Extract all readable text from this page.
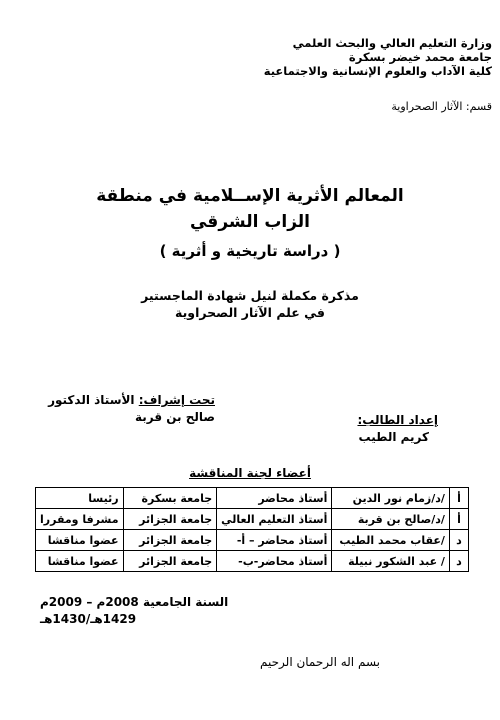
وزارة التعليم العالي والبحث العلمي
جامعة محمد خيضر بسكرة
كلية الآداب والعلوم الإنسانية والاجتماعية
قسم: الآثار الصحراوية
المعالم الأثرية الإســلامية في منطقة
الزاب الشرقي
( دراسة تاريخية و أثرية )
مذكرة مكملة لنيل شهادة الماجستير
في علم الآثار الصحراوية
إعداد الطالب:
كريم الطيب
تحت إشراف: الأستاذ الدكتور
صالح بن قربة
أعضاء لجنة المناقشة
أ	/د/زمام نور الدين	أستاذ محاضر	جامعة بسكرة	رئيسا
أ	/د/صالح بن قربة	أستاذ التعليم العالي	جامعة الجزائر	مشرفا ومقررا
د	/عقاب محمد الطيب	أستاذ محاضر – أ-	جامعة الجزائر	عضوا مناقشا
د	/ عبد الشكور نبيلة	أستاذ محاضر-ب-	جامعة الجزائر	عضوا مناقشا
السنة الجامعية 2008م – 2009م
1429هـ/1430هـ
بسم اله الرحمان الرحيم
